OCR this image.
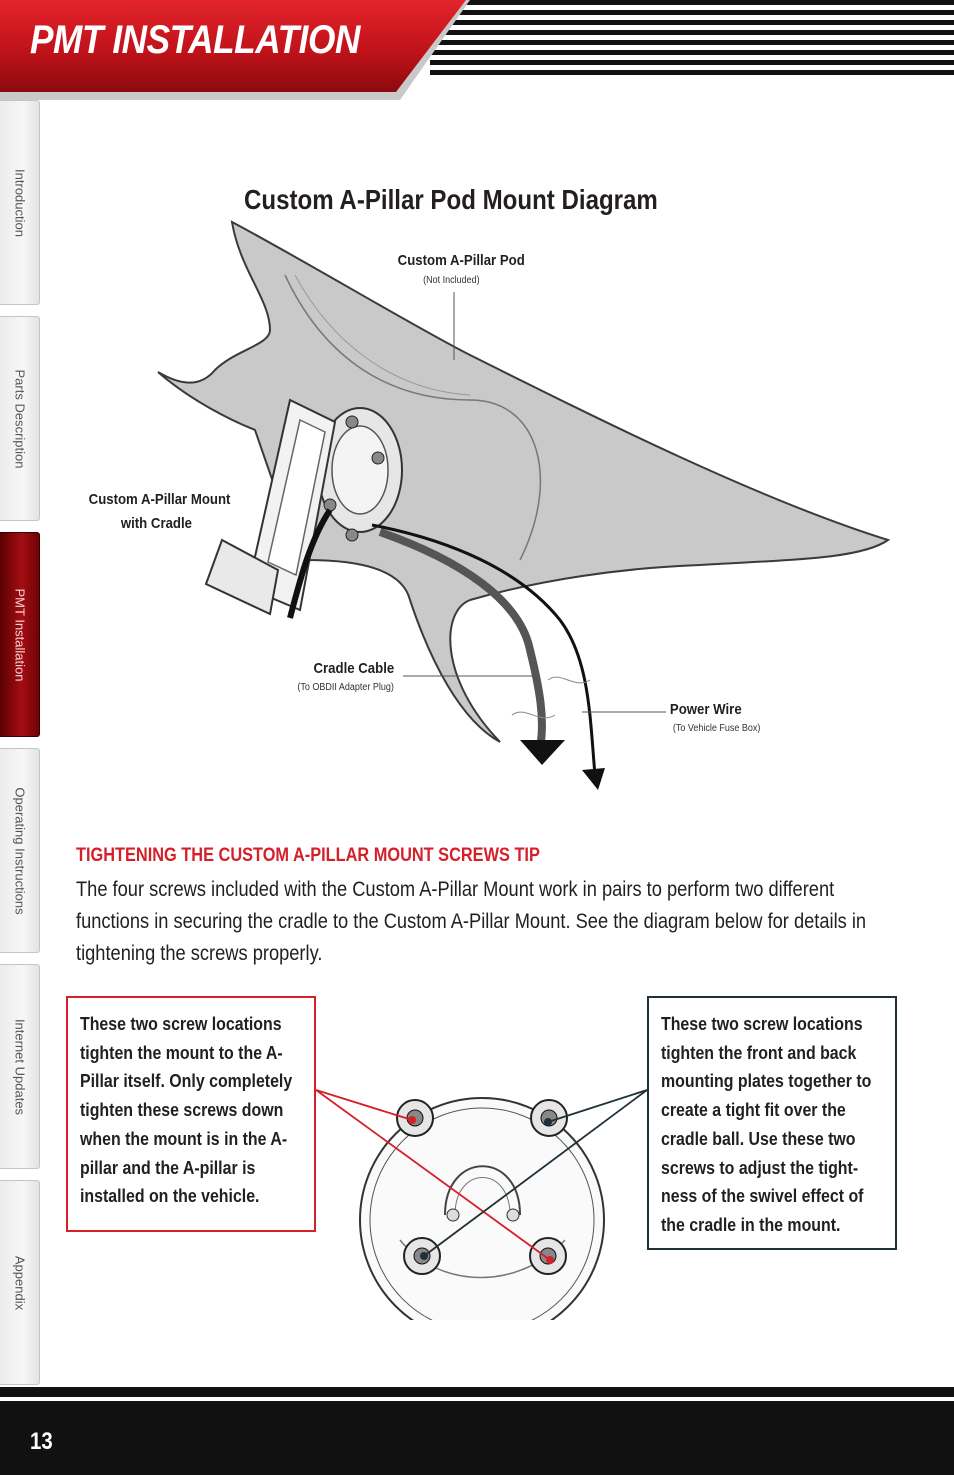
PMT INSTALLATION
Introduction
Parts Description
PMT Installation
Operating Instructions
Internet Updates
Appendix
Custom A-Pillar Pod Mount Diagram
Custom A-Pillar Pod
(Not Included)
Custom A-Pillar Mount
with Cradle
Cradle Cable
(To OBDII Adapter Plug)
Power Wire
(To Vehicle Fuse Box)
TIGHTENING THE CUSTOM A-PILLAR MOUNT SCREWS TIP
The four screws included with the Custom A-Pillar Mount work in pairs to perform two different functions in securing the cradle to the Custom A-Pillar Mount. See the diagram below for details in tightening the screws properly.
These two screw locations tighten the mount to the A-Pillar itself. Only completely tighten these screws down when the mount is in the A-pillar and the A-pillar is installed on the vehicle.
These two screw locations tighten the front and back mounting plates together to create a tight fit over the cradle ball. Use these two screws to adjust the tight-ness of the swivel effect of the cradle in the mount.
13
